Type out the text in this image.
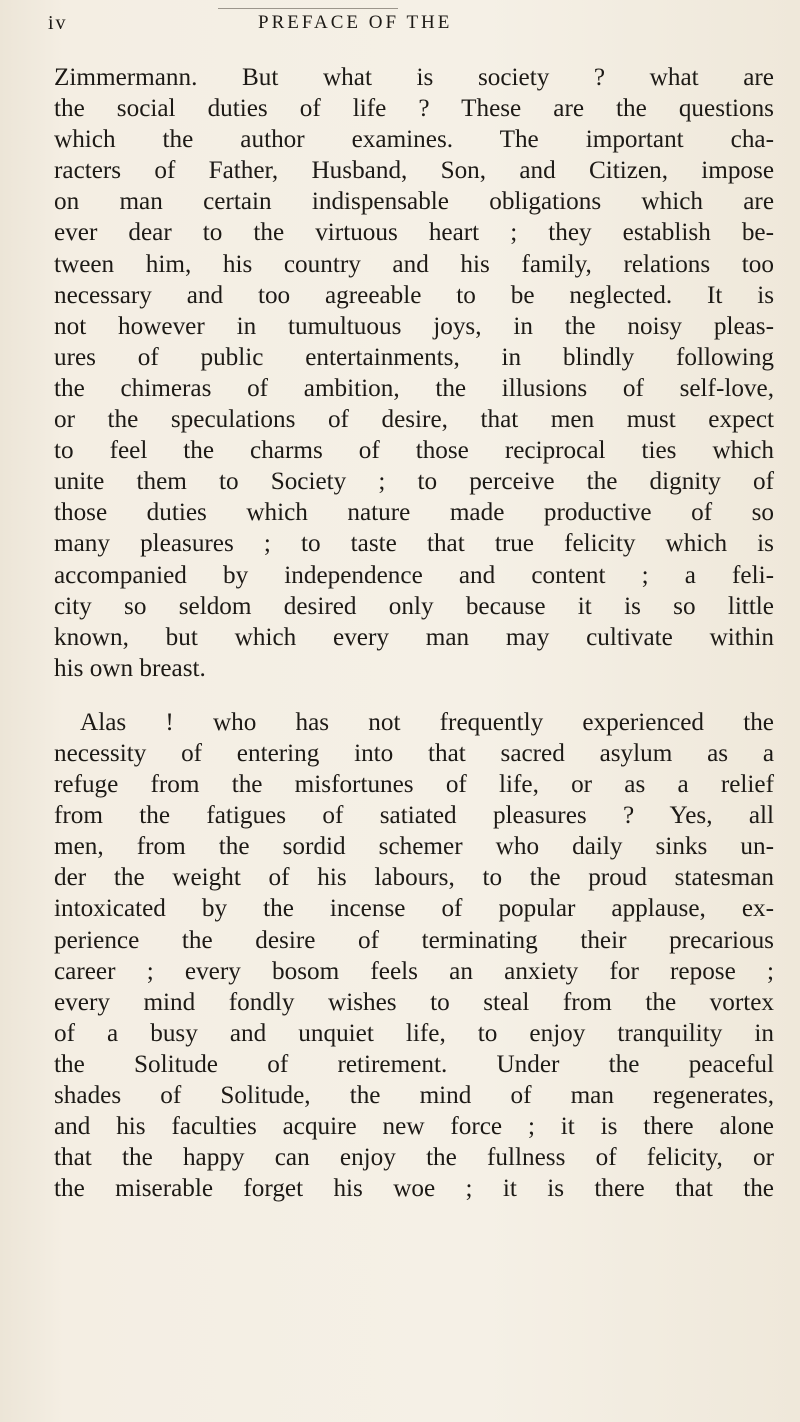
iv	PREFACE OF THE
Zimmermann. But what is society ? what are
the social duties of life ? These are the questions
which the author examines. The important cha-
racters of Father, Husband, Son, and Citizen, impose
on man certain indispensable obligations which are
ever dear to the virtuous heart ; they establish be-
tween him, his country and his family, relations too
necessary and too agreeable to be neglected. It is
not however in tumultuous joys, in the noisy pleas-
ures of public entertainments, in blindly following
the chimeras of ambition, the illusions of self-love,
or the speculations of desire, that men must expect
to feel the charms of those reciprocal ties which
unite them to Society ; to perceive the dignity of
those duties which nature made productive of so
many pleasures ; to taste that true felicity which is
accompanied by independence and content ; a feli-
city so seldom desired only because it is so little
known, but which every man may cultivate within
his own breast.
Alas ! who has not frequently experienced the
necessity of entering into that sacred asylum as a
refuge from the misfortunes of life, or as a relief
from the fatigues of satiated pleasures ? Yes, all
men, from the sordid schemer who daily sinks un-
der the weight of his labours, to the proud statesman
intoxicated by the incense of popular applause, ex-
perience the desire of terminating their precarious
career ; every bosom feels an anxiety for repose ;
every mind fondly wishes to steal from the vortex
of a busy and unquiet life, to enjoy tranquility in
the Solitude of retirement. Under the peaceful
shades of Solitude, the mind of man regenerates,
and his faculties acquire new force ; it is there alone
that the happy can enjoy the fullness of felicity, or
the miserable forget his woe ; it is there that the
